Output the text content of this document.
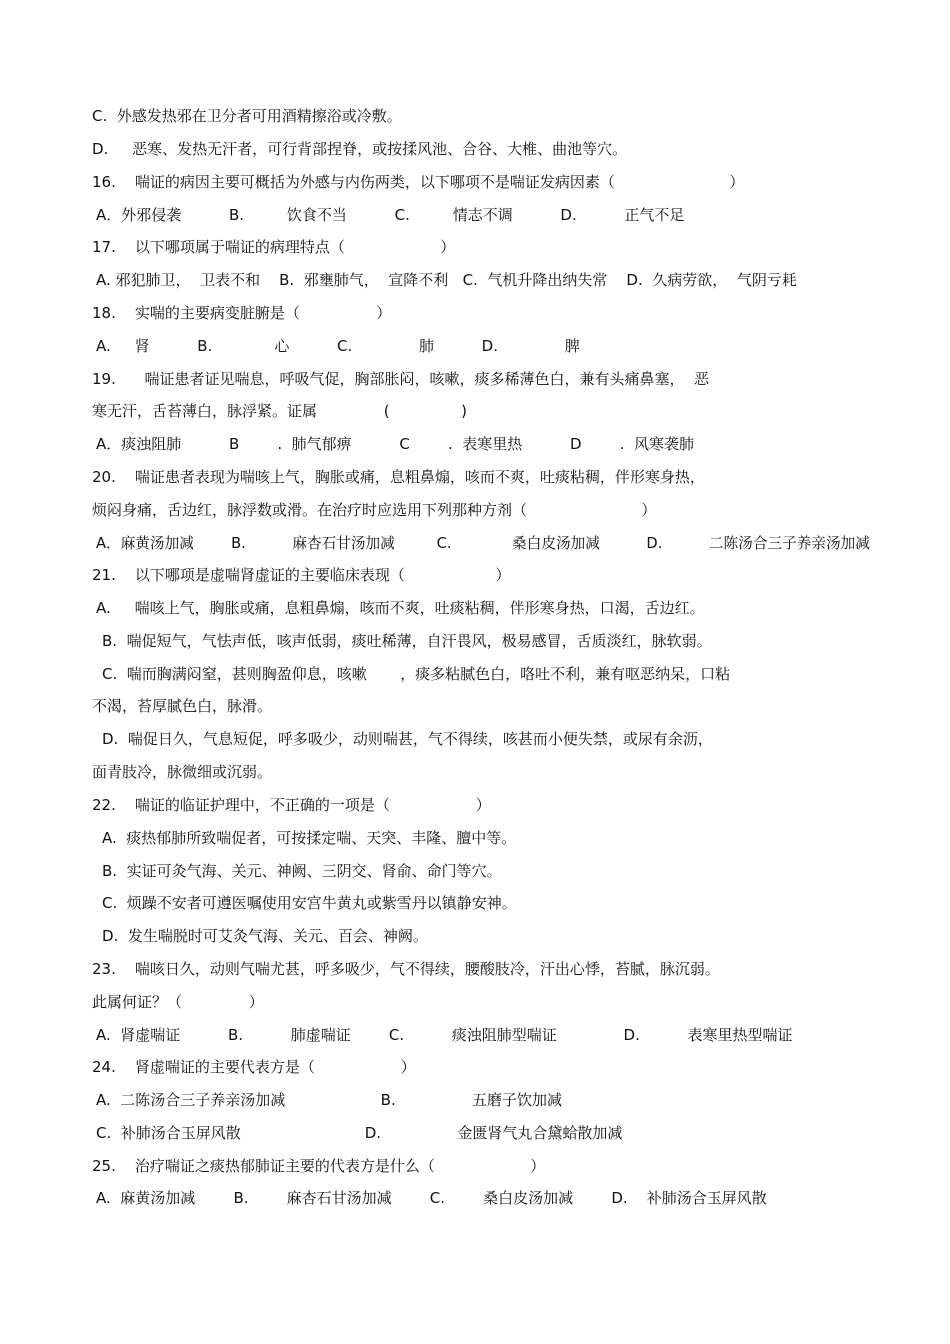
C.  外感发热邪在卫分者可用酒精擦浴或冷敷。
D.     恶寒、发热无汗者，可行背部捏脊，或按揉风池、合谷、大椎、曲池等穴。
16.    喘证的病因主要可概括为外感与内伤两类，以下哪项不是喘证发病因素（                        ）
A．外邪侵袭          B.         饮食不当          C.         情志不调          D.          正气不足
17.    以下哪项属于喘证的病理特点（                    ）
A. 邪犯肺卫，  卫表不和    B.  邪壅肺气，  宣降不利   C.  气机升降出纳失常    D.  久病劳欲，  气阴亏耗
18.    实喘的主要病变脏腑是（                ）
A.     肾          B.             心          C.              肺          D.              脾
19.      喘证患者证见喘息，呼吸气促，胸部胀闷，咳嗽，痰多稀薄色白，兼有头痛鼻塞，  恶
寒无汗，舌苔薄白，脉浮紧。证属              (               )
A．痰浊阻肺          B        .  肺气郁痹          C        .  表寒里热          D        .  风寒袭肺
20.    喘证患者表现为喘咳上气，胸胀或痛，息粗鼻煽，咳而不爽，吐痰粘稠，伴形寒身热，
烦闷身痛，舌边红，脉浮数或滑。在治疗时应选用下列那种方剂（                        ）
A．麻黄汤加减        B.          麻杏石甘汤加减         C.             桑白皮汤加减          D.          二陈汤合三子养亲汤加减
21.    以下哪项是虚喘肾虚证的主要临床表现（                   ）
A.     喘咳上气，胸胀或痛，息粗鼻煽，咳而不爽，吐痰粘稠，伴形寒身热，口渴，舌边红。
B.  喘促短气，气怯声低，咳声低弱，痰吐稀薄，自汗畏风，极易感冒，舌质淡红，脉软弱。
C.  喘而胸满闷窒，甚则胸盈仰息，咳嗽       ，痰多粘腻色白，咯吐不利，兼有呕恶纳呆，口粘
不渴，苔厚腻色白，脉滑。
D.  喘促日久，气息短促，呼多吸少，动则喘甚，气不得续，咳甚而小便失禁，或尿有余沥，
面青肢冷，脉微细或沉弱。
22.    喘证的临证护理中，不正确的一项是（                  ）
A.  痰热郁肺所致喘促者，可按揉定喘、天突、丰隆、膻中等。
B.  实证可灸气海、关元、神阙、三阴交、肾俞、命门等穴。
C.  烦躁不安者可遵医嘱使用安宫牛黄丸或紫雪丹以镇静安神。
D.  发生喘脱时可艾灸气海、关元、百会、神阙。
23.    喘咳日久，动则气喘尤甚，呼多吸少，气不得续，腰酸肢冷，汗出心悸，苔腻，脉沉弱。
此属何证？（              ）
A.  肾虚喘证          B.          肺虚喘证        C.          痰浊阻肺型喘证              D.          表寒里热型喘证
24.    肾虚喘证的主要代表方是（                  ）
A.  二陈汤合三子养亲汤加减                    B.                五磨子饮加减
C.  补肺汤合玉屏风散                          D.                金匮肾气丸合黛蛤散加减
25.    治疗喘证之痰热郁肺证主要的代表方是什么（                    ）
A.  麻黄汤加减        B.        麻杏石甘汤加减        C.        桑白皮汤加减        D.    补肺汤合玉屏风散
